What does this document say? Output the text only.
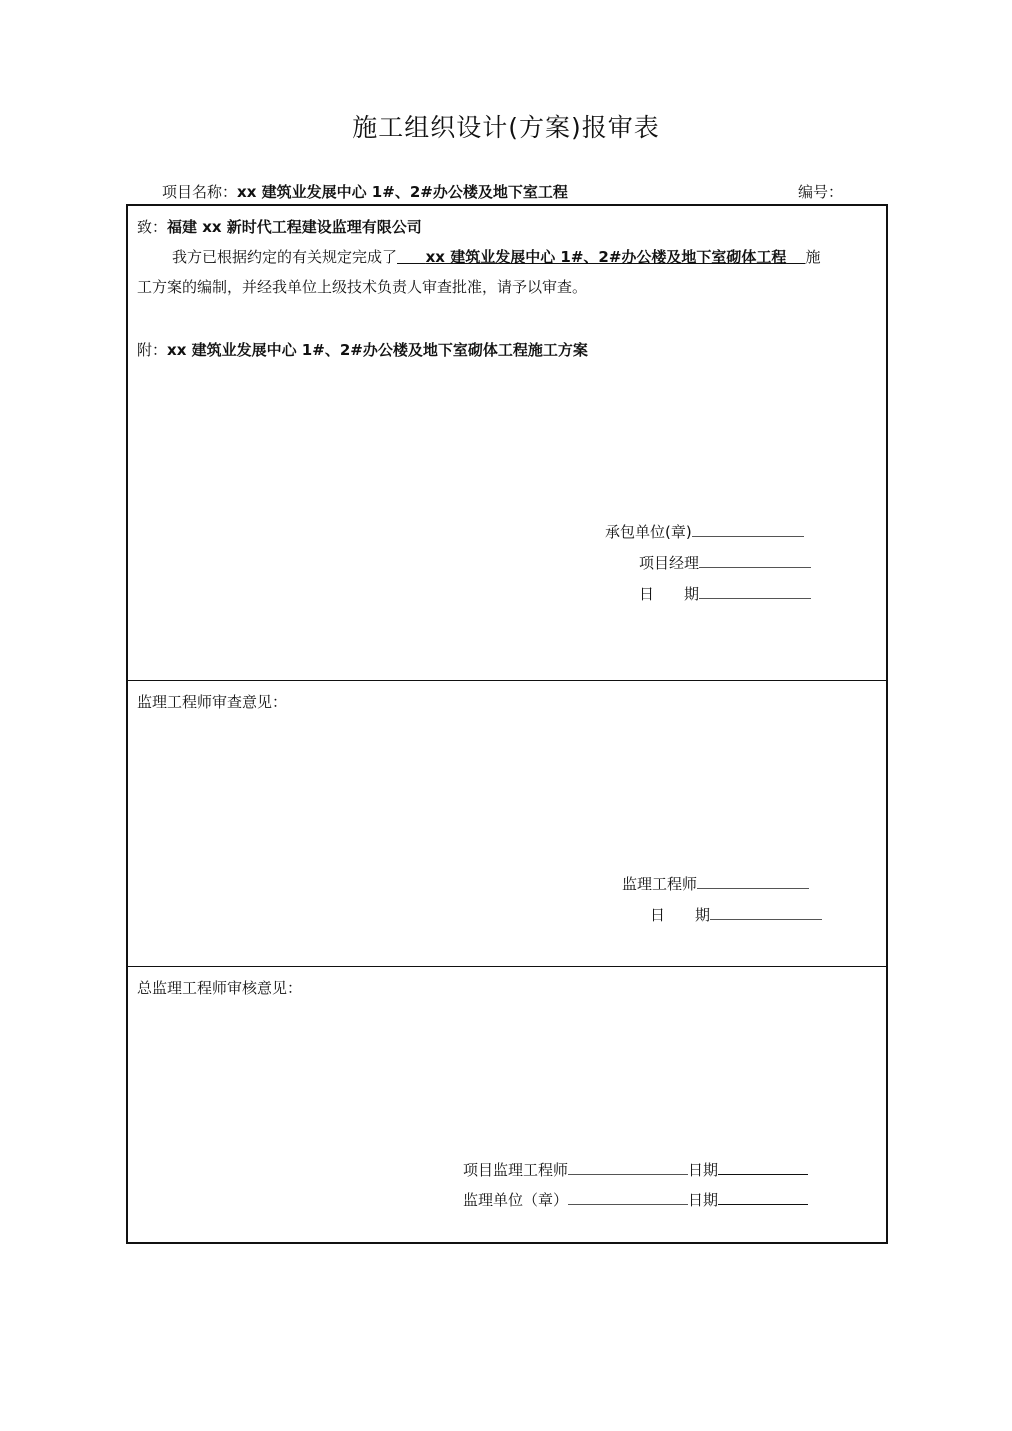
施工组织设计(方案)报审表
项目名称：xx 建筑业发展中心 1#、2#办公楼及地下室工程	编号：
致：福建 xx 新时代工程建设监理有限公司
我方已根据约定的有关规定完成了 xx 建筑业发展中心 1#、2#办公楼及地下室砌体工程 施
工方案的编制，并经我单位上级技术负责人审查批准，请予以审查。
附：xx 建筑业发展中心 1#、2#办公楼及地下室砌体工程施工方案
承包单位(章)
项目经理
日　　期
监理工程师审查意见：
监理工程师
日　　期
总监理工程师审核意见：
项目监理工程师	日期
监理单位（章）	日期
